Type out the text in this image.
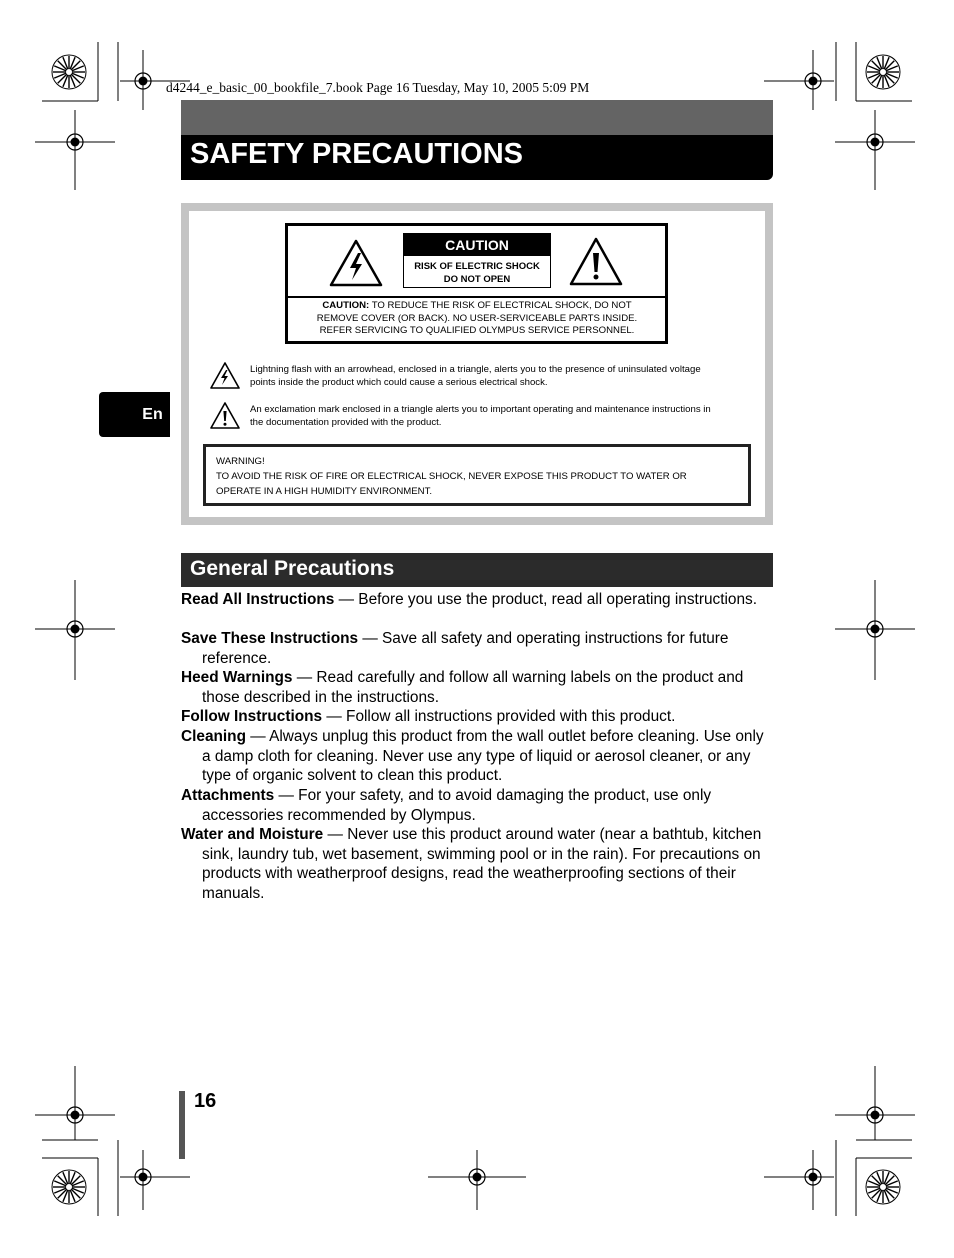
d4244_e_basic_00_bookfile_7.book Page 16 Tuesday, May 10, 2005 5:09 PM
SAFETY PRECAUTIONS
En
CAUTION
RISK OF ELECTRIC SHOCK
DO NOT OPEN
CAUTION: TO REDUCE THE RISK OF ELECTRICAL SHOCK, DO NOT
REMOVE COVER (OR BACK). NO USER-SERVICEABLE PARTS INSIDE.
REFER SERVICING TO QUALIFIED OLYMPUS SERVICE PERSONNEL.
Lightning flash with an arrowhead, enclosed in a triangle, alerts you to the presence of uninsulated voltage
points inside the product which could cause a serious electrical shock.
An exclamation mark enclosed in a triangle alerts you to important operating and maintenance instructions in
the documentation provided with the product.
WARNING!
TO AVOID THE RISK OF FIRE OR ELECTRICAL SHOCK, NEVER EXPOSE THIS PRODUCT TO WATER OR
OPERATE IN A HIGH HUMIDITY ENVIRONMENT.
General Precautions
Read All Instructions — Before you use the product, read all operating instructions.
Save These Instructions — Save all safety and operating instructions for future reference.
Heed Warnings — Read carefully and follow all warning labels on the product and those described in the instructions.
Follow Instructions — Follow all instructions provided with this product.
Cleaning — Always unplug this product from the wall outlet before cleaning. Use only a damp cloth for cleaning. Never use any type of liquid or aerosol cleaner, or any type of organic solvent to clean this product.
Attachments — For your safety, and to avoid damaging the product, use only accessories recommended by Olympus.
Water and Moisture — Never use this product around water (near a bathtub, kitchen sink, laundry tub, wet basement, swimming pool or in the rain). For precautions on products with weatherproof designs, read the weatherproofing sections of their manuals.
16
